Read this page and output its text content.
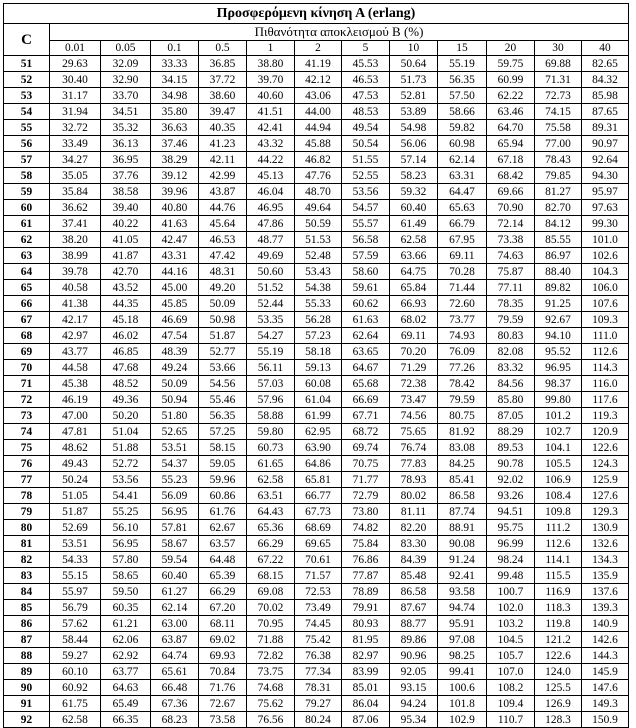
Προσφερόμενη κίνηση Α (erlang)												
C	Πιθανότητα αποκλεισμού Β (%)											
	0.01	0.05	0.1	0.5	1	2	5	10	15	20	30	40
51	29.63	32.09	33.33	36.85	38.80	41.19	45.53	50.64	55.19	59.75	69.88	82.65
52	30.40	32.90	34.15	37.72	39.70	42.12	46.53	51.73	56.35	60.99	71.31	84.32
53	31.17	33.70	34.98	38.60	40.60	43.06	47.53	52.81	57.50	62.22	72.73	85.98
54	31.94	34.51	35.80	39.47	41.51	44.00	48.53	53.89	58.66	63.46	74.15	87.65
55	32.72	35.32	36.63	40.35	42.41	44.94	49.54	54.98	59.82	64.70	75.58	89.31
56	33.49	36.13	37.46	41.23	43.32	45.88	50.54	56.06	60.98	65.94	77.00	90.97
57	34.27	36.95	38.29	42.11	44.22	46.82	51.55	57.14	62.14	67.18	78.43	92.64
58	35.05	37.76	39.12	42.99	45.13	47.76	52.55	58.23	63.31	68.42	79.85	94.30
59	35.84	38.58	39.96	43.87	46.04	48.70	53.56	59.32	64.47	69.66	81.27	95.97
60	36.62	39.40	40.80	44.76	46.95	49.64	54.57	60.40	65.63	70.90	82.70	97.63
61	37.41	40.22	41.63	45.64	47.86	50.59	55.57	61.49	66.79	72.14	84.12	99.30
62	38.20	41.05	42.47	46.53	48.77	51.53	56.58	62.58	67.95	73.38	85.55	101.0
63	38.99	41.87	43.31	47.42	49.69	52.48	57.59	63.66	69.11	74.63	86.97	102.6
64	39.78	42.70	44.16	48.31	50.60	53.43	58.60	64.75	70.28	75.87	88.40	104.3
65	40.58	43.52	45.00	49.20	51.52	54.38	59.61	65.84	71.44	77.11	89.82	106.0
66	41.38	44.35	45.85	50.09	52.44	55.33	60.62	66.93	72.60	78.35	91.25	107.6
67	42.17	45.18	46.69	50.98	53.35	56.28	61.63	68.02	73.77	79.59	92.67	109.3
68	42.97	46.02	47.54	51.87	54.27	57.23	62.64	69.11	74.93	80.83	94.10	111.0
69	43.77	46.85	48.39	52.77	55.19	58.18	63.65	70.20	76.09	82.08	95.52	112.6
70	44.58	47.68	49.24	53.66	56.11	59.13	64.67	71.29	77.26	83.32	96.95	114.3
71	45.38	48.52	50.09	54.56	57.03	60.08	65.68	72.38	78.42	84.56	98.37	116.0
72	46.19	49.36	50.94	55.46	57.96	61.04	66.69	73.47	79.59	85.80	99.80	117.6
73	47.00	50.20	51.80	56.35	58.88	61.99	67.71	74.56	80.75	87.05	101.2	119.3
74	47.81	51.04	52.65	57.25	59.80	62.95	68.72	75.65	81.92	88.29	102.7	120.9
75	48.62	51.88	53.51	58.15	60.73	63.90	69.74	76.74	83.08	89.53	104.1	122.6
76	49.43	52.72	54.37	59.05	61.65	64.86	70.75	77.83	84.25	90.78	105.5	124.3
77	50.24	53.56	55.23	59.96	62.58	65.81	71.77	78.93	85.41	92.02	106.9	125.9
78	51.05	54.41	56.09	60.86	63.51	66.77	72.79	80.02	86.58	93.26	108.4	127.6
79	51.87	55.25	56.95	61.76	64.43	67.73	73.80	81.11	87.74	94.51	109.8	129.3
80	52.69	56.10	57.81	62.67	65.36	68.69	74.82	82.20	88.91	95.75	111.2	130.9
81	53.51	56.95	58.67	63.57	66.29	69.65	75.84	83.30	90.08	96.99	112.6	132.6
82	54.33	57.80	59.54	64.48	67.22	70.61	76.86	84.39	91.24	98.24	114.1	134.3
83	55.15	58.65	60.40	65.39	68.15	71.57	77.87	85.48	92.41	99.48	115.5	135.9
84	55.97	59.50	61.27	66.29	69.08	72.53	78.89	86.58	93.58	100.7	116.9	137.6
85	56.79	60.35	62.14	67.20	70.02	73.49	79.91	87.67	94.74	102.0	118.3	139.3
86	57.62	61.21	63.00	68.11	70.95	74.45	80.93	88.77	95.91	103.2	119.8	140.9
87	58.44	62.06	63.87	69.02	71.88	75.42	81.95	89.86	97.08	104.5	121.2	142.6
88	59.27	62.92	64.74	69.93	72.82	76.38	82.97	90.96	98.25	105.7	122.6	144.3
89	60.10	63.77	65.61	70.84	73.75	77.34	83.99	92.05	99.41	107.0	124.0	145.9
90	60.92	64.63	66.48	71.76	74.68	78.31	85.01	93.15	100.6	108.2	125.5	147.6
91	61.75	65.49	67.36	72.67	75.62	79.27	86.04	94.24	101.8	109.4	126.9	149.3
92	62.58	66.35	68.23	73.58	76.56	80.24	87.06	95.34	102.9	110.7	128.3	150.9
